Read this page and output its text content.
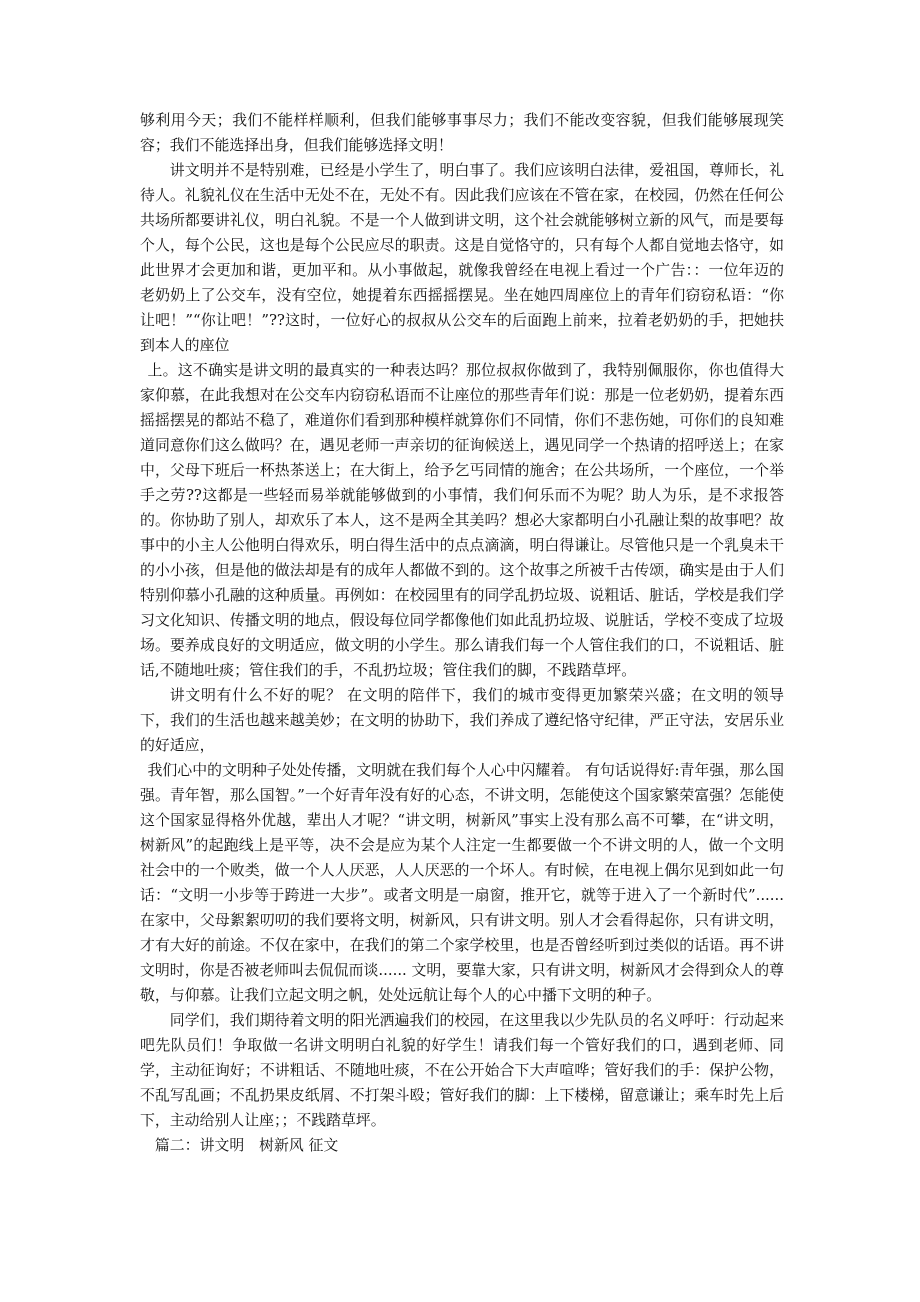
够利用今天；我们不能样样顺利，但我们能够事事尽力；我们不能改变容貌，但我们能够展现笑容；我们不能选择出身，但我们能够选择文明！

讲文明并不是特别难，已经是小学生了，明白事了。我们应该明白法律，爱祖国，尊师长，礼待人。礼貌礼仪在生活中无处不在，无处不有。因此我们应该在不管在家，在校园，仍然在任何公共场所都要讲礼仪，明白礼貌。不是一个人做到讲文明，这个社会就能够树立新的风气，而是要每个人，每个公民，这也是每个公民应尽的职责。这是自觉恪守的，只有每个人都自觉地去恪守，如此世界才会更加和谐，更加平和。从小事做起，就像我曾经在电视上看过一个广告：：一位年迈的老奶奶上了公交车，没有空位，她提着东西摇摇摆晃。坐在她四周座位上的青年们窃窃私语：“你让吧！”“你让吧！”??这时，一位好心的叔叔从公交车的后面跑上前来，拉着老奶奶的手，把她扶到本人的座位

上。这不确实是讲文明的最真实的一种表达吗？那位叔叔你做到了，我特别佩服你，你也值得大家仰慕，在此我想对在公交车内窃窃私语而不让座位的那些青年们说：那是一位老奶奶，提着东西摇摇摆晃的都站不稳了，难道你们看到那种模样就算你们不同情，你们不悲伤她，可你们的良知难道同意你们这么做吗？在，遇见老师一声亲切的征询候送上，遇见同学一个热请的招呼送上；在家中，父母下班后一杯热茶送上；在大街上，给予乞丐同情的施舍；在公共场所，一个座位，一个举手之劳??这都是一些轻而易举就能够做到的小事情，我们何乐而不为呢？助人为乐，是不求报答的。你协助了别人，却欢乐了本人，这不是两全其美吗？想必大家都明白小孔融让梨的故事吧？故事中的小主人公他明白得欢乐，明白得生活中的点点滴滴，明白得谦让。尽管他只是一个乳臭未干的小小孩，但是他的做法却是有的成年人都做不到的。这个故事之所被千古传颂，确实是由于人们特别仰慕小孔融的这种质量。再例如：在校园里有的同学乱扔垃圾、说粗话、脏话，学校是我们学习文化知识、传播文明的地点，假设每位同学都像他们如此乱扔垃圾、说脏话，学校不变成了垃圾场。要养成良好的文明适应，做文明的小学生。那么请我们每一个人管住我们的口，不说粗话、脏话,不随地吐痰；管住我们的手，不乱扔垃圾；管住我们的脚，不践踏草坪。

讲文明有什么不好的呢？ 在文明的陪伴下，我们的城市变得更加繁荣兴盛；在文明的领导下，我们的生活也越来越美妙；在文明的协助下，我们养成了遵纪恪守纪律，严正守法，安居乐业的好适应，

我们心中的文明种子处处传播，文明就在我们每个人心中闪耀着。 有句话说得好:青年强，那么国强。青年智，那么国智。”一个好青年没有好的心态，不讲文明，怎能使这个国家繁荣富强？怎能使这个国家显得格外优越，辈出人才呢？“讲文明，树新风”事实上没有那么高不可攀，在“讲文明，树新风”的起跑线上是平等，决不会是应为某个人注定一生都要做一个不讲文明的人，做一个文明社会中的一个败类，做一个人人厌恶，人人厌恶的一个坏人。有时候，在电视上偶尔见到如此一句话：“文明一小步等于跨进一大步”。或者文明是一扇窗，推开它，就等于进入了一个新时代”...... 在家中，父母絮絮叨叨的我们要将文明，树新风，只有讲文明。别人才会看得起你，只有讲文明，才有大好的前途。不仅在家中，在我们的第二个家学校里，也是否曾经听到过类似的话语。再不讲文明时，你是否被老师叫去侃侃而谈...... 文明，要靠大家，只有讲文明，树新风才会得到众人的尊敬，与仰慕。让我们立起文明之帆，处处远航让每个人的心中播下文明的种子。

同学们，我们期待着文明的阳光洒遍我们的校园，在这里我以少先队员的名义呼吁：行动起来吧先队员们！争取做一名讲文明明白礼貌的好学生！请我们每一个管好我们的口，遇到老师、同学，主动征询好；不讲粗话、不随地吐痰，不在公开始合下大声喧哗；管好我们的手：保护公物，不乱写乱画；不乱扔果皮纸屑、不打架斗殴；管好我们的脚：上下楼梯，留意谦让；乘车时先上后下，主动给别人让座；；不践踏草坪。

篇二：讲文明　树新风 征文
